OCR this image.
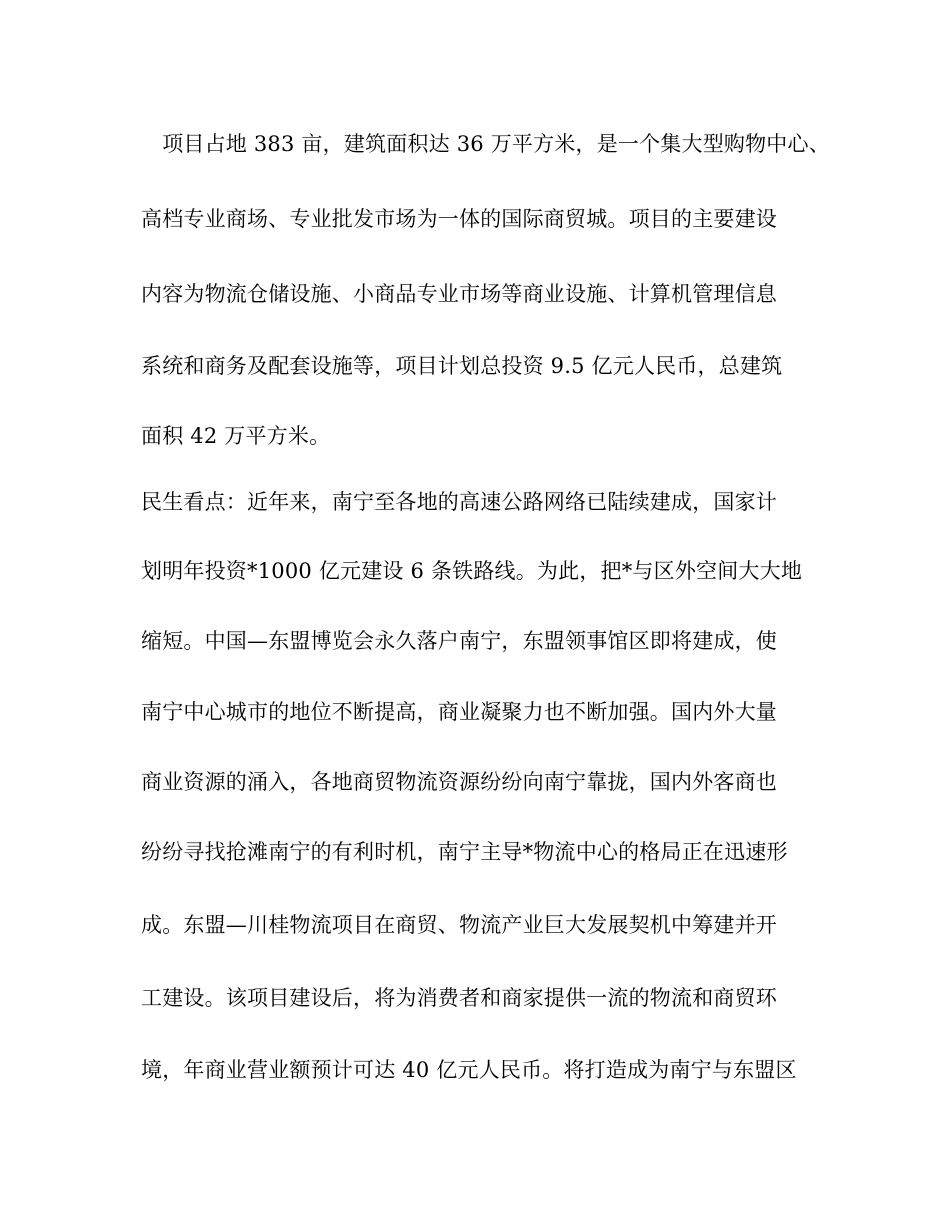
　项目占地 383 亩，建筑面积达 36 万平方米，是一个集大型购物中心、
高档专业商场、专业批发市场为一体的国际商贸城。项目的主要建设
内容为物流仓储设施、小商品专业市场等商业设施、计算机管理信息
系统和商务及配套设施等，项目计划总投资 9.5 亿元人民币，总建筑
面积 42 万平方米。
民生看点：近年来，南宁至各地的高速公路网络已陆续建成，国家计
划明年投资*1000 亿元建设 6 条铁路线。为此，把*与区外空间大大地
缩短。中国—东盟博览会永久落户南宁，东盟领事馆区即将建成，使
南宁中心城市的地位不断提高，商业凝聚力也不断加强。国内外大量
商业资源的涌入，各地商贸物流资源纷纷向南宁靠拢，国内外客商也
纷纷寻找抢滩南宁的有利时机，南宁主导*物流中心的格局正在迅速形
成。东盟—川桂物流项目在商贸、物流产业巨大发展契机中筹建并开
工建设。该项目建设后，将为消费者和商家提供一流的物流和商贸环
境，年商业营业额预计可达 40 亿元人民币。将打造成为南宁与东盟区
